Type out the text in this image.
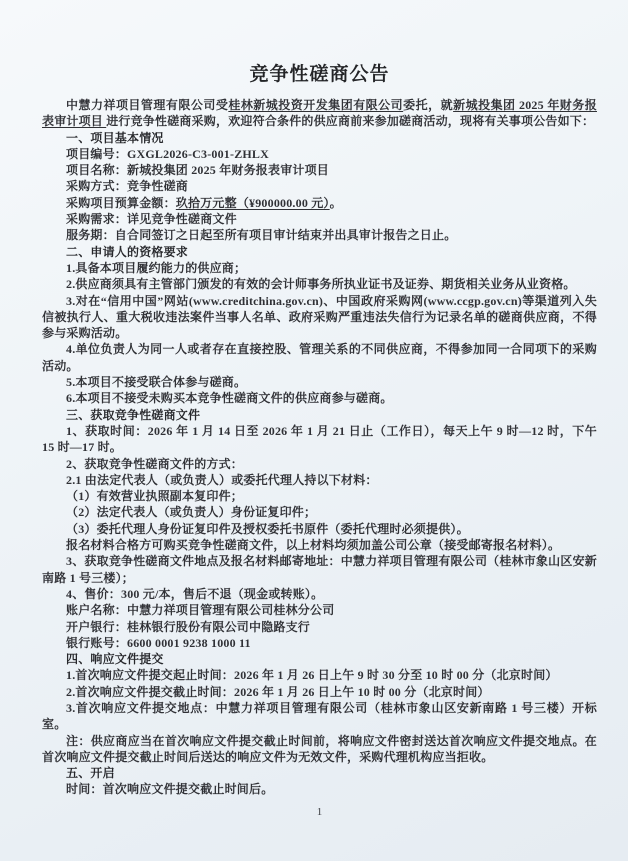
竞争性磋商公告

中慧力祥项目管理有限公司受桂林新城投资开发集团有限公司委托，就新城投集团 2025 年财务报表审计项目 进行竞争性磋商采购，欢迎符合条件的供应商前来参加磋商活动，现将有关事项公告如下：

一、项目基本情况

项目编号：GXGL2026-C3-001-ZHLX

项目名称：新城投集团 2025 年财务报表审计项目

采购方式：竞争性磋商

采购项目预算金额：玖拾万元整（¥900000.00 元）。

采购需求：详见竞争性磋商文件

服务期：自合同签订之日起至所有项目审计结束并出具审计报告之日止。

二、申请人的资格要求

1.具备本项目履约能力的供应商；

2.供应商须具有主管部门颁发的有效的会计师事务所执业证书及证券、期货相关业务从业资格。

3.对在“信用中国”网站(www.creditchina.gov.cn)、中国政府采购网(www.ccgp.gov.cn)等渠道列入失信被执行人、重大税收违法案件当事人名单、政府采购严重违法失信行为记录名单的磋商供应商，不得参与采购活动。

4.单位负责人为同一人或者存在直接控股、管理关系的不同供应商，不得参加同一合同项下的采购活动。

5.本项目不接受联合体参与磋商。

6.本项目不接受未购买本竞争性磋商文件的供应商参与磋商。

三、获取竞争性磋商文件

1、获取时间：2026 年 1 月 14 日至 2026 年 1 月 21 日止（工作日），每天上午 9 时—12 时，下午 15 时—17 时。

2、获取竞争性磋商文件的方式：

2.1 由法定代表人（或负责人）或委托代理人持以下材料：

（1）有效营业执照副本复印件；

（2）法定代表人（或负责人）身份证复印件；

（3）委托代理人身份证复印件及授权委托书原件（委托代理时必须提供）。

报名材料合格方可购买竞争性磋商文件，以上材料均须加盖公司公章（接受邮寄报名材料）。

3、获取竞争性磋商文件地点及报名材料邮寄地址：中慧力祥项目管理有限公司（桂林市象山区安新南路 1 号三楼）；

4、售价：300 元/本，售后不退（现金或转账）。

账户名称：中慧力祥项目管理有限公司桂林分公司

开户银行：桂林银行股份有限公司中隐路支行

银行账号：6600 0001 9238 1000 11

四、响应文件提交

1.首次响应文件提交起止时间：2026 年 1 月 26 日上午 9 时 30 分至 10 时 00 分（北京时间）

2.首次响应文件提交截止时间：2026 年 1 月 26 日上午 10 时 00 分（北京时间）

3.首次响应文件提交地点：中慧力祥项目管理有限公司（桂林市象山区安新南路 1 号三楼）开标室。

注：供应商应当在首次响应文件提交截止时间前，将响应文件密封送达首次响应文件提交地点。在首次响应文件提交截止时间后送达的响应文件为无效文件，采购代理机构应当拒收。

五、开启

时间：首次响应文件提交截止时间后。

1
